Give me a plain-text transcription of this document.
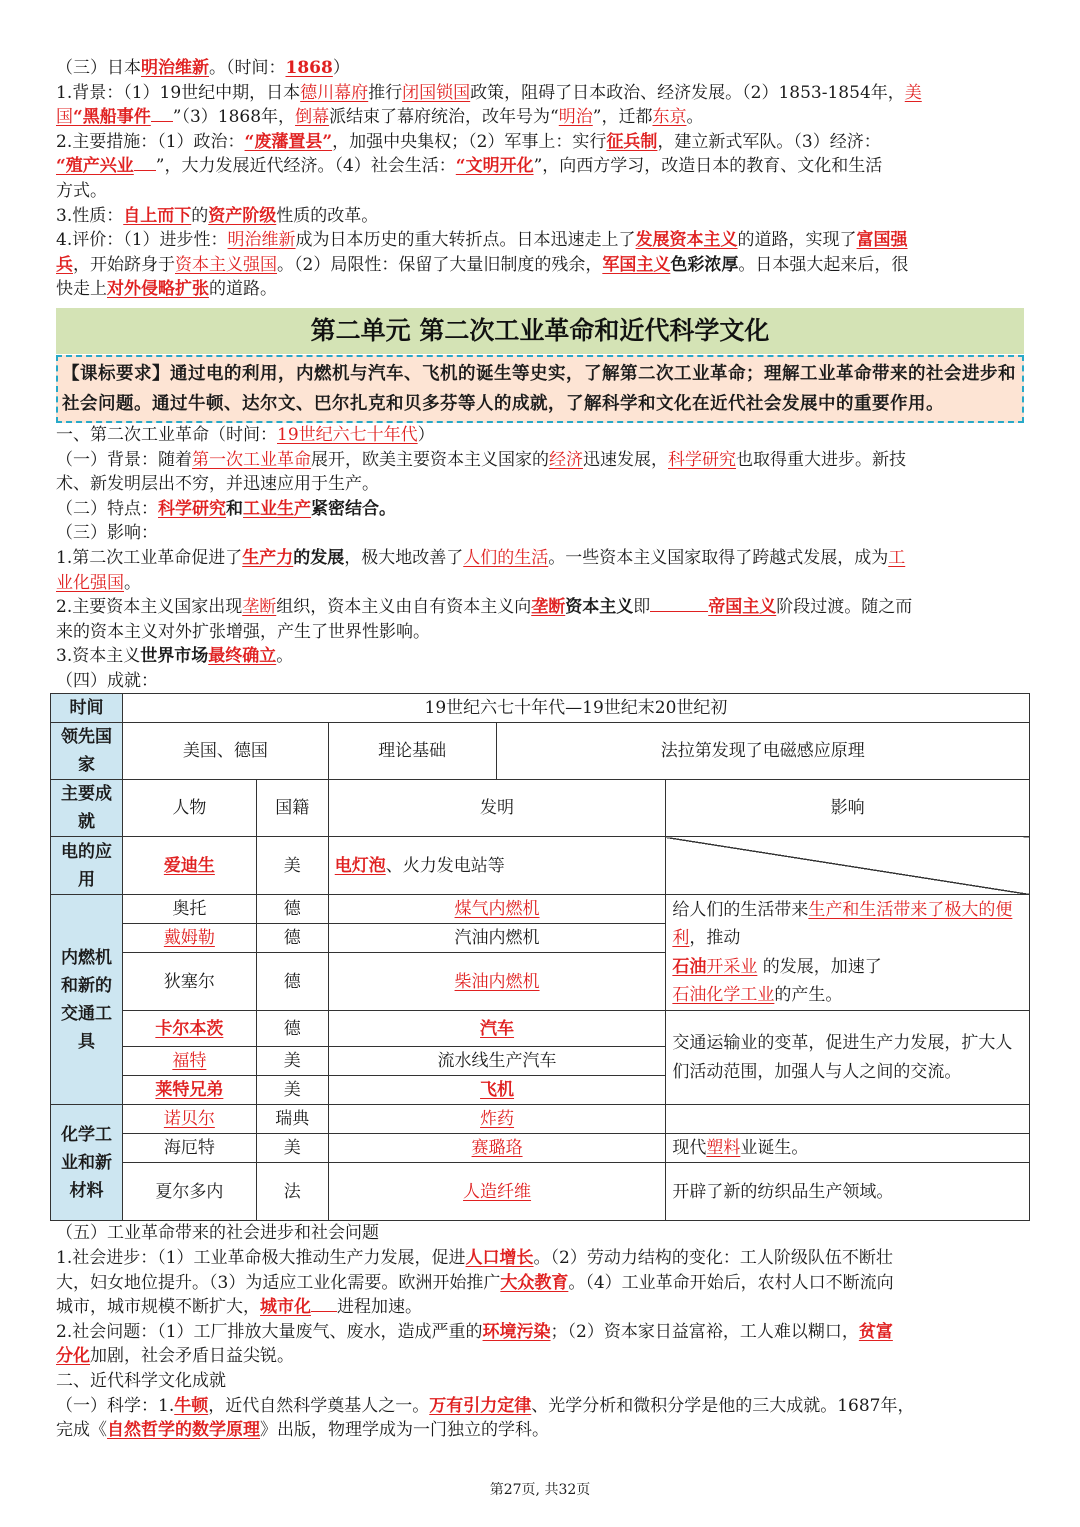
（三）日本明治维新。（时间：1868）

1.背景：（1）19世纪中期，日本德川幕府推行闭国锁国政策，阻碍了日本政治、经济发展。（2）1853-1854年，美
国“黑船事件 ”（3）1868年，倒幕派结束了幕府统治，改年号为“明治”，迁都东京。

2.主要措施：（1）政治：“废藩置县”，加强中央集权；（2）军事上：实行征兵制，建立新式军队。（3）经济：
“殖产兴业 ”，大力发展近代经济。（4）社会生活：“文明开化”，向西方学习，改造日本的教育、文化和生活
方式。

3.性质：自上而下的资产阶级性质的改革。

4.评价：（1）进步性：明治维新成为日本历史的重大转折点。日本迅速走上了发展资本主义的道路，实现了富国强
兵，开始跻身于资本主义强国。（2）局限性：保留了大量旧制度的残余，军国主义色彩浓厚。日本强大起来后，很
快走上对外侵略扩张的道路。

第二单元 第二次工业革命和近代科学文化
【课标要求】通过电的利用，内燃机与汽车、飞机的诞生等史实，了解第二次工业革命；理解工业革命带来的社会进步和社会问题。通过牛顿、达尔文、巴尔扎克和贝多芬等人的成就，了解科学和文化在近代社会发展中的重要作用。

一、第二次工业革命（时间：19世纪六七十年代）

（一）背景：随着第一次工业革命展开，欧美主要资本主义国家的经济迅速发展，科学研究也取得重大进步。新技
术、新发明层出不穷，并迅速应用于生产。

（二）特点：科学研究和工业生产紧密结合。

（三）影响：

1.第二次工业革命促进了生产力的发展，极大地改善了人们的生活。一些资本主义国家取得了跨越式发展，成为工
业化强国。

2.主要资本主义国家出现垄断组织，资本主义由自有资本主义向垄断资本主义即	帝国主义阶段过渡。随之而
来的资本主义对外扩张增强，产生了世界性影响。

3.资本主义世界市场最终确立。

（四）成就：

时间	19世纪六七十年代—19世纪末20世纪初				
领先国家	美国、德国		理论基础	法拉第发现了电磁感应原理	
主要成就	人物	国籍	发明		影响
电的应用	爱迪生	美	电灯泡、火力发电站等		
内燃机和新的交通工具	奥托	德	煤气内燃机		给人们的生活带来生产和生活带来了极大的便利，推动
石油开采业 的发展，加速了
石油化学工业的产生。
	戴姆勒	德	汽油内燃机		
	狄塞尔	德	柴油内燃机		
	卡尔本茨	德	汽车		交通运输业的变革，促进生产力发展，扩大人们活动范围，加强人与人之间的交流。
	福特	美	流水线生产汽车		
	莱特兄弟	美	飞机		
化学工业和新材料	诺贝尔	瑞典	炸药		
	海厄特	美	赛璐珞		现代塑料业诞生。
	夏尔多内	法	人造纤维		开辟了新的纺织品生产领域。

（五）工业革命带来的社会进步和社会问题

1.社会进步：（1）工业革命极大推动生产力发展，促进人口增长。（2）劳动力结构的变化：工人阶级队伍不断壮
大，妇女地位提升。（3）为适应工业化需要。欧洲开始推广大众教育。（4）工业革命开始后，农村人口不断流向
城市，城市规模不断扩大，城市化 进程加速。

2.社会问题：（1）工厂排放大量废气、废水，造成严重的环境污染；（2）资本家日益富裕，工人难以糊口，贫富
分化加剧，社会矛盾日益尖锐。

二、近代科学文化成就

（一）科学：1.牛顿，近代自然科学奠基人之一。万有引力定律、光学分析和微积分学是他的三大成就。1687年，
完成《自然哲学的数学原理》出版，物理学成为一门独立的学科。

第27页, 共32页
